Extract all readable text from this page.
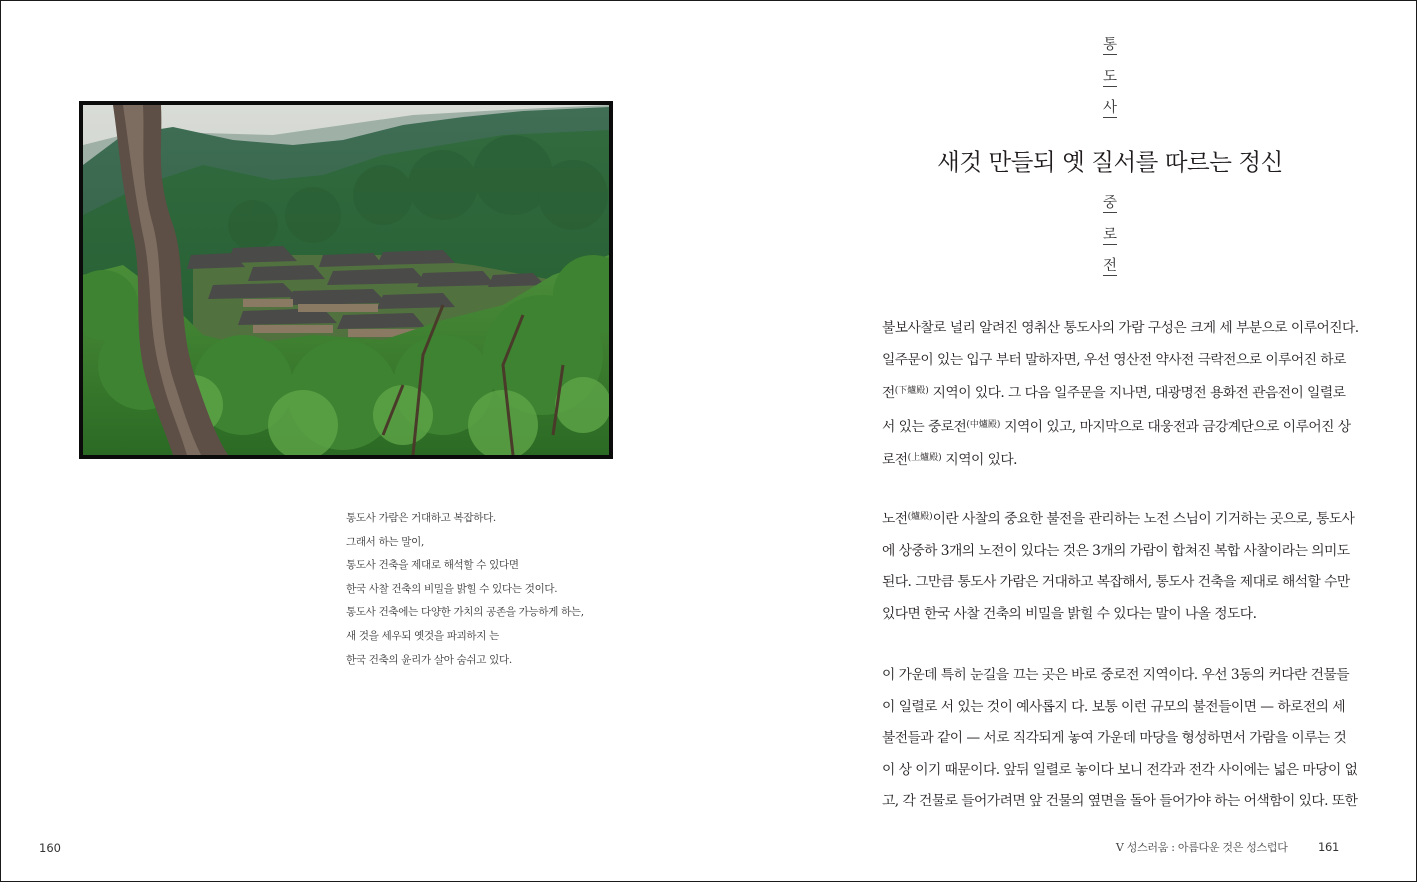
통도사 가람은 거대하고 복잡하다.
그래서 하는 말이,
통도사 건축을 제대로 해석할 수 있다면
한국 사찰 건축의 비밀을 밝힐 수 있다는 것이다.
통도사 건축에는 다양한 가치의 공존을 가능하게 하는,
새 것을 세우되 옛것을 파괴하지 는
한국 건축의 윤리가 살아 숨쉬고 있다.
160
통
도
사
새것 만들되 옛 질서를 따르는 정신
중
로
전
불보사찰로 널리 알려진 영취산 통도사의 가람 구성은 크게 세 부분으로 이루어진다.
일주문이 있는 입구 부터 말하자면, 우선 영산전 약사전 극락전으로 이루어진 하로
전$^{(下爐殿)}$ 지역이 있다. 그 다음 일주문을 지나면, 대광명전 용화전 관음전이 일렬로
서 있는 중로전$^{(中爐殿)}$ 지역이 있고, 마지막으로 대웅전과 금강계단으로 이루어진 상
로전$^{(上爐殿)}$ 지역이 있다.
노전$^{(爐殿)}$이란 사찰의 중요한 불전을 관리하는 노전 스님이 기거하는 곳으로, 통도사
에 상중하 3개의 노전이 있다는 것은 3개의 가람이 합쳐진 복합 사찰이라는 의미도
된다. 그만큼 통도사 가람은 거대하고 복잡해서, 통도사 건축을 제대로 해석할 수만
있다면 한국 사찰 건축의 비밀을 밝힐 수 있다는 말이 나올 정도다.
이 가운데 특히 눈길을 끄는 곳은 바로 중로전 지역이다. 우선 3동의 커다란 건물들
이 일렬로 서 있는 것이 예사롭지 다. 보통 이런 규모의 불전들이면 — 하로전의 세
불전들과 같이 — 서로 직각되게 놓여 가운데 마당을 형성하면서 가람을 이루는 것
이 상 이기 때문이다. 앞뒤 일렬로 놓이다 보니 전각과 전각 사이에는 넓은 마당이 없
고, 각 건물로 들어가려면 앞 건물의 옆면을 돌아 들어가야 하는 어색함이 있다. 또한
V 성스러움 : 아름다운 것은 성스럽다	161
